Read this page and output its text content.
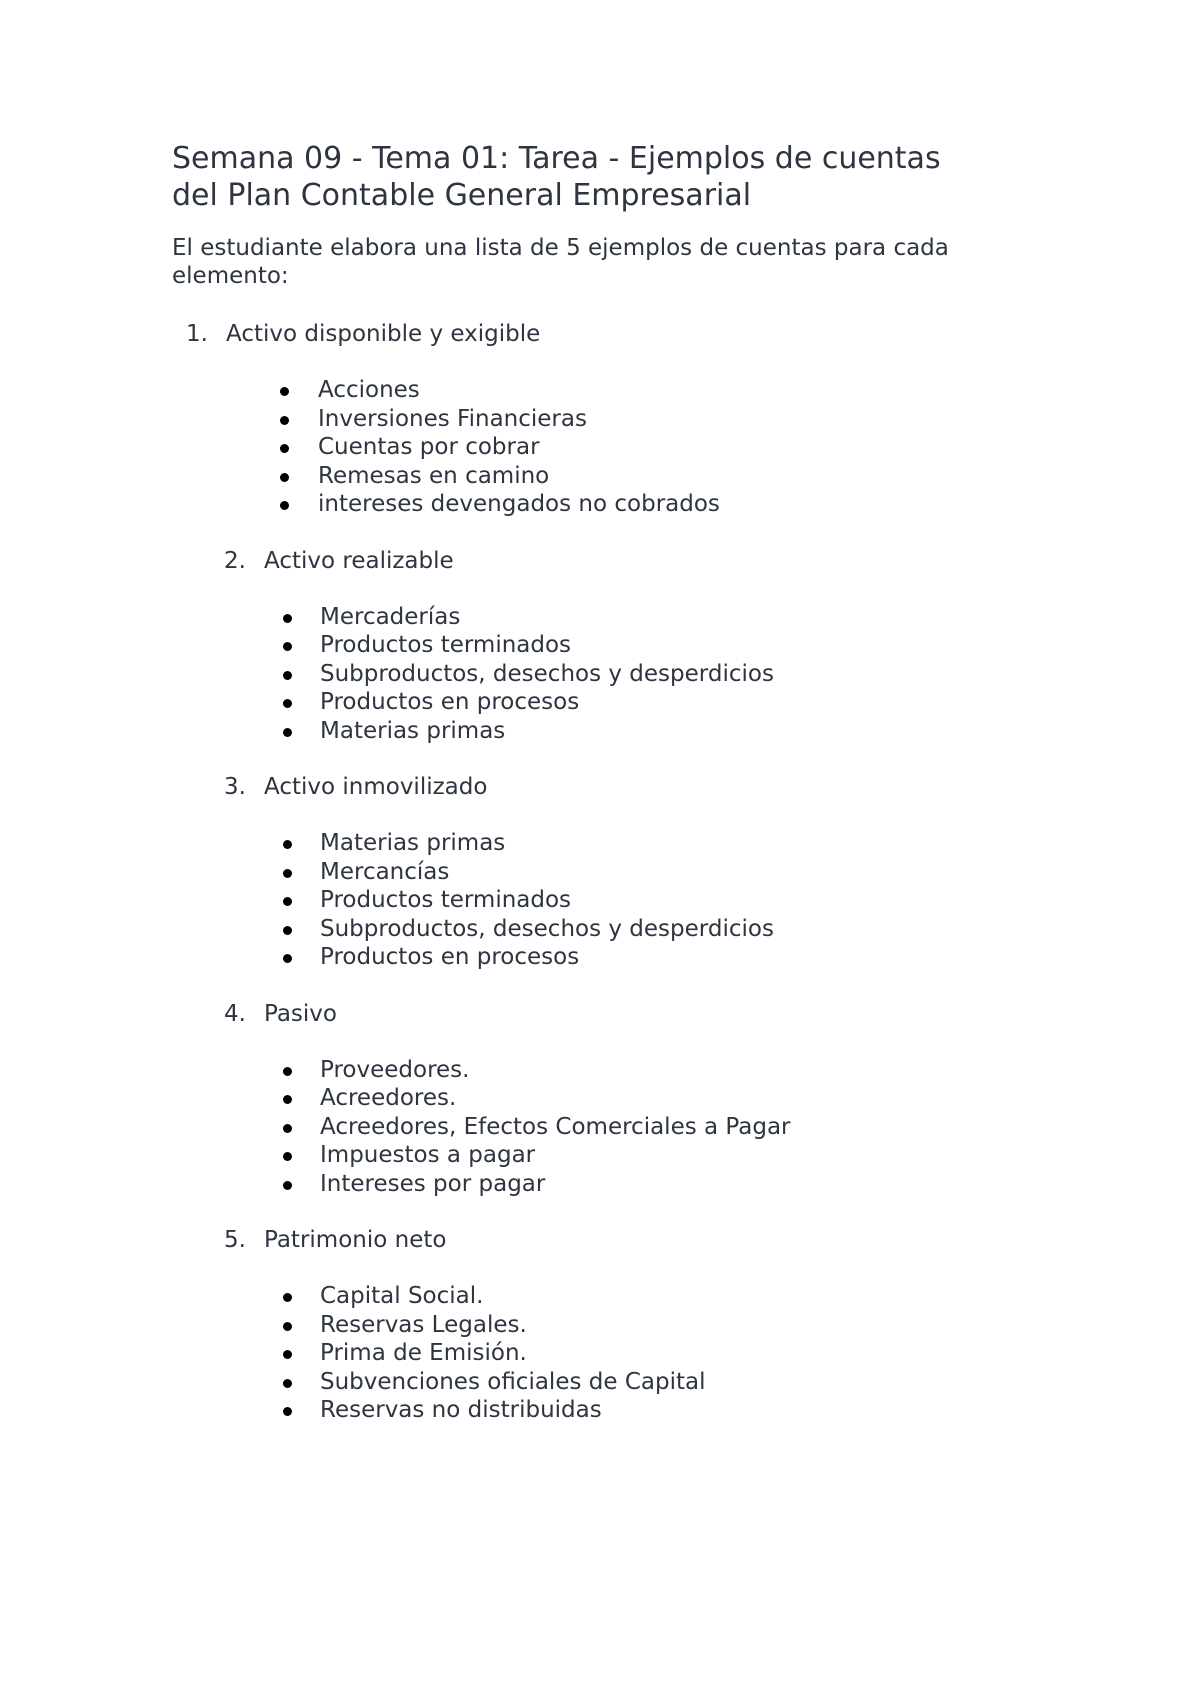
Semana 09 - Tema 01: Tarea - Ejemplos de cuentas
del Plan Contable General Empresarial
El estudiante elabora una lista de 5 ejemplos de cuentas para cada
elemento:
1. Activo disponible y exigible
Acciones
Inversiones Financieras
Cuentas por cobrar
Remesas en camino
intereses devengados no cobrados
2. Activo realizable
Mercaderías
Productos terminados
Subproductos, desechos y desperdicios
Productos en procesos
Materias primas
3. Activo inmovilizado
Materias primas
Mercancías
Productos terminados
Subproductos, desechos y desperdicios
Productos en procesos
4. Pasivo
Proveedores.
Acreedores.
Acreedores, Efectos Comerciales a Pagar
Impuestos a pagar
Intereses por pagar
5. Patrimonio neto
Capital Social.
Reservas Legales.
Prima de Emisión.
Subvenciones oficiales de Capital
Reservas no distribuidas
